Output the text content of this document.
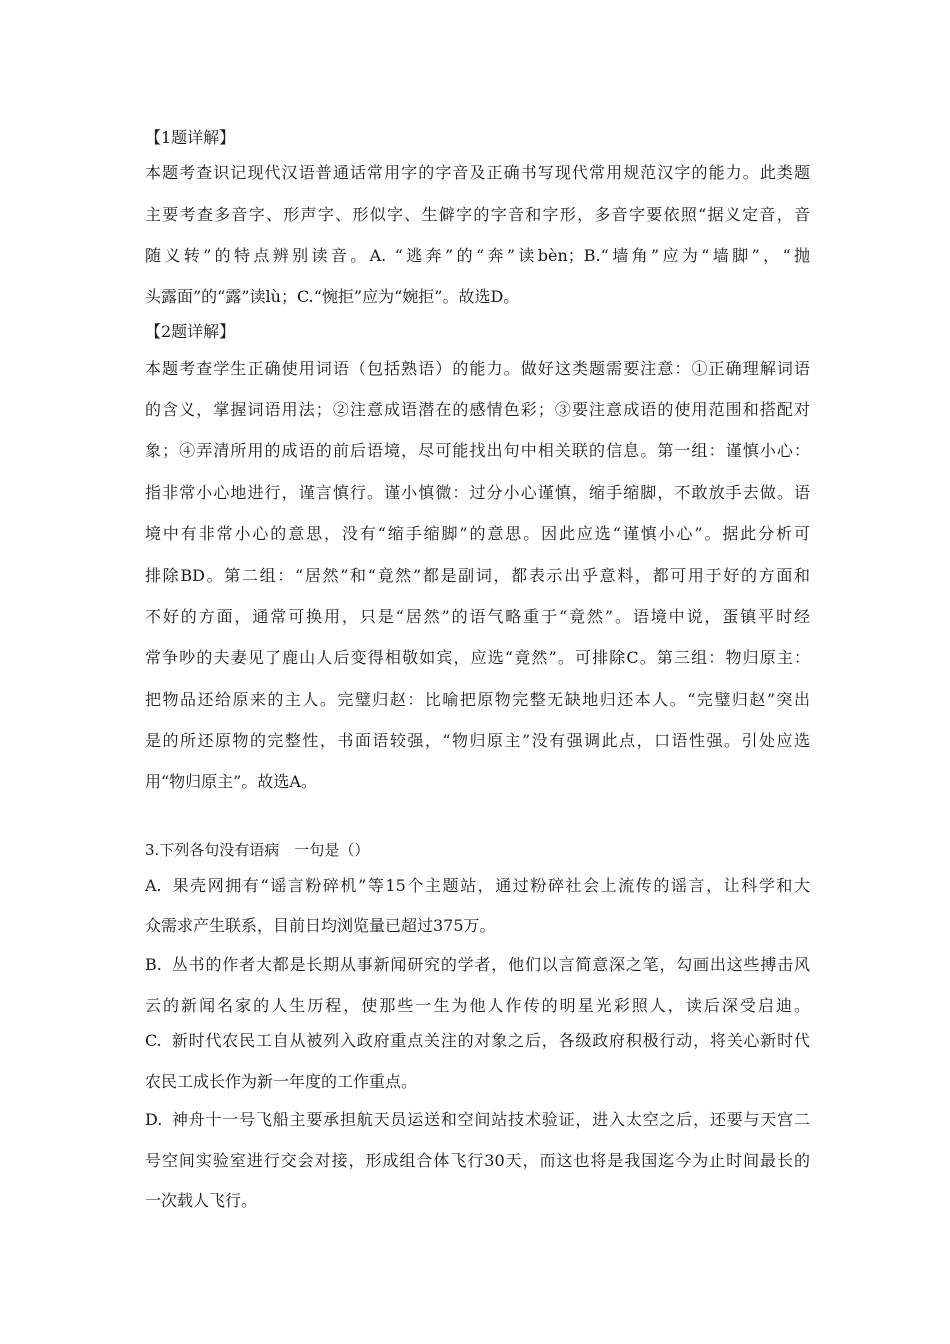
【1题详解】
本题考查识记现代汉语普通话常用字的字音及正确书写现代常用规范汉字的能力。此类题
主要考查多音字、形声字、形似字、生僻字的字音和字形，多音字要依照“据义定音，音
随义转”的特点辨别读音。A. “逃奔”的“奔”读bèn；B.“墙角”应为“墙脚”，“抛
头露面”的“露”读lù；C.“惋拒”应为“婉拒”。故选D。
【2题详解】
本题考查学生正确使用词语（包括熟语）的能力。做好这类题需要注意：①正确理解词语
的含义，掌握词语用法；②注意成语潜在的感情色彩；③要注意成语的使用范围和搭配对
象；④弄清所用的成语的前后语境，尽可能找出句中相关联的信息。第一组：谨慎小心：
指非常小心地进行，谨言慎行。谨小慎微：过分小心谨慎，缩手缩脚，不敢放手去做。语
境中有非常小心的意思，没有“缩手缩脚”的意思。因此应选“谨慎小心”。据此分析可
排除BD。第二组：“居然”和“竟然”都是副词，都表示出乎意料，都可用于好的方面和
不好的方面，通常可换用，只是“居然”的语气略重于“竟然”。语境中说，蛋镇平时经
常争吵的夫妻见了鹿山人后变得相敬如宾，应选“竟然”。可排除C。第三组：物归原主：
把物品还给原来的主人。完璧归赵：比喻把原物完整无缺地归还本人。“完璧归赵”突出
是的所还原物的完整性，书面语较强，“物归原主”没有强调此点，口语性强。引处应选
用“物归原主”。故选A。
3.下列各句没有语病　一句是（）
A. 果壳网拥有“谣言粉碎机”等15个主题站，通过粉碎社会上流传的谣言，让科学和大
众需求产生联系，目前日均浏览量已超过375万。
B. 丛书的作者大都是长期从事新闻研究的学者，他们以言简意深之笔，勾画出这些搏击风
云的新闻名家的人生历程，使那些一生为他人作传的明星光彩照人，读后深受启迪。
C. 新时代农民工自从被列入政府重点关注的对象之后，各级政府积极行动，将关心新时代
农民工成长作为新一年度的工作重点。
D. 神舟十一号飞船主要承担航天员运送和空间站技术验证，进入太空之后，还要与天宫二
号空间实验室进行交会对接，形成组合体飞行30天，而这也将是我国迄今为止时间最长的
一次载人飞行。
